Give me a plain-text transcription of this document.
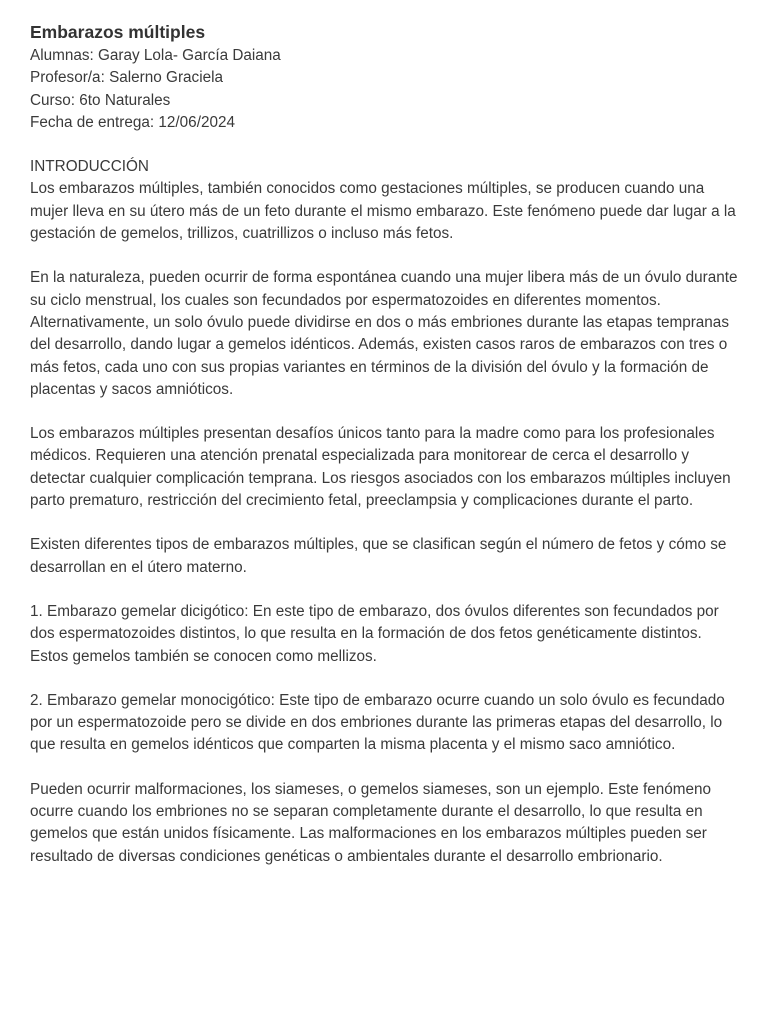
Embarazos múltiples

Alumnas: Garay Lola- García Daiana

Profesor/a: Salerno Graciela

Curso: 6to Naturales

Fecha de entrega: 12/06/2024

INTRODUCCIÓN

Los embarazos múltiples, también conocidos como gestaciones múltiples, se producen cuando una mujer lleva en su útero más de un feto durante el mismo embarazo. Este fenómeno puede dar lugar a la gestación de gemelos, trillizos, cuatrillizos o incluso más fetos.

En la naturaleza, pueden ocurrir de forma espontánea cuando una mujer libera más de un óvulo durante su ciclo menstrual, los cuales son fecundados por espermatozoides en diferentes momentos. Alternativamente, un solo óvulo puede dividirse en dos o más embriones durante las etapas tempranas del desarrollo, dando lugar a gemelos idénticos. Además, existen casos raros de embarazos con tres o más fetos, cada uno con sus propias variantes en términos de la división del óvulo y la formación de placentas y sacos amnióticos.

Los embarazos múltiples presentan desafíos únicos tanto para la madre como para los profesionales médicos. Requieren una atención prenatal especializada para monitorear de cerca el desarrollo y detectar cualquier complicación temprana. Los riesgos asociados con los embarazos múltiples incluyen parto prematuro, restricción del crecimiento fetal, preeclampsia y complicaciones durante el parto.

Existen diferentes tipos de embarazos múltiples, que se clasifican según el número de fetos y cómo se desarrollan en el útero materno.

1. Embarazo gemelar dicigótico: En este tipo de embarazo, dos óvulos diferentes son fecundados por dos espermatozoides distintos, lo que resulta en la formación de dos fetos genéticamente distintos. Estos gemelos también se conocen como mellizos.

2. Embarazo gemelar monocigótico: Este tipo de embarazo ocurre cuando un solo óvulo es fecundado por un espermatozoide pero se divide en dos embriones durante las primeras etapas del desarrollo, lo que resulta en gemelos idénticos que comparten la misma placenta y el mismo saco amniótico.

Pueden ocurrir malformaciones, los siameses, o gemelos siameses, son un ejemplo. Este fenómeno ocurre cuando los embriones no se separan completamente durante el desarrollo, lo que resulta en gemelos que están unidos físicamente. Las malformaciones en los embarazos múltiples pueden ser resultado de diversas condiciones genéticas o ambientales durante el desarrollo embrionario.
